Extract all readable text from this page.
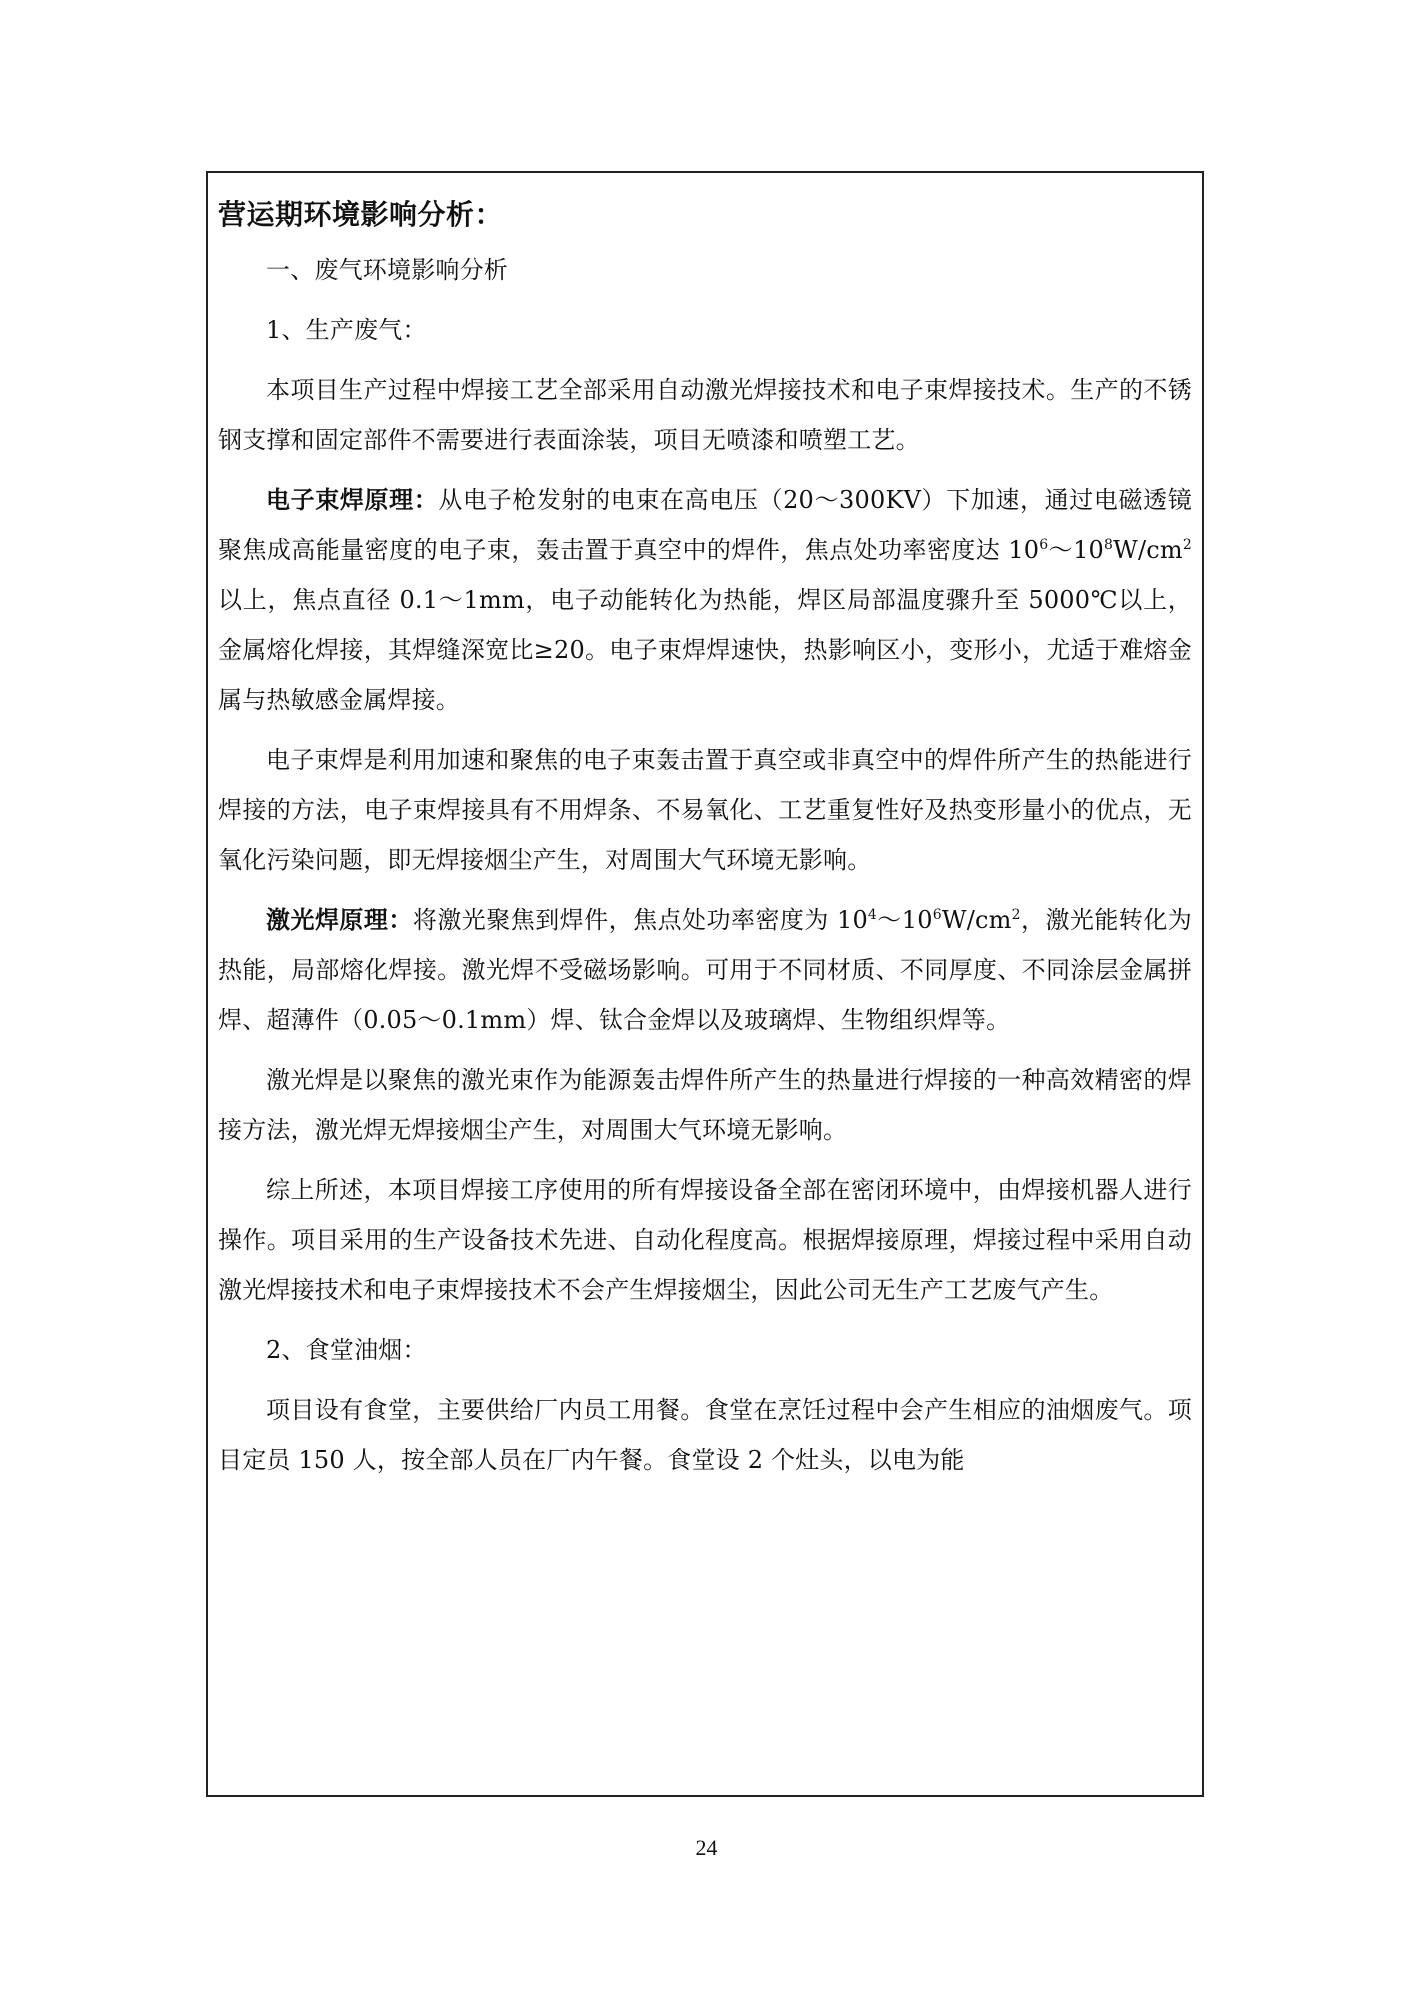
营运期环境影响分析：

一、废气环境影响分析

1、生产废气：

本项目生产过程中焊接工艺全部采用自动激光焊接技术和电子束焊接技术。生产的不锈钢支撑和固定部件不需要进行表面涂装，项目无喷漆和喷塑工艺。

电子束焊原理：从电子枪发射的电束在高电压（20～300KV）下加速，通过电磁透镜聚焦成高能量密度的电子束，轰击置于真空中的焊件，焦点处功率密度达 $10^6\sim 10^8W/cm^2$ 以上，焦点直径 0.1～1mm，电子动能转化为热能，焊区局部温度骤升至 5000℃以上，金属熔化焊接，其焊缝深宽比≥20。电子束焊焊速快，热影响区小，变形小，尤适于难熔金属与热敏感金属焊接。

电子束焊是利用加速和聚焦的电子束轰击置于真空或非真空中的焊件所产生的热能进行焊接的方法，电子束焊接具有不用焊条、不易氧化、工艺重复性好及热变形量小的优点，无氧化污染问题，即无焊接烟尘产生，对周围大气环境无影响。

激光焊原理：将激光聚焦到焊件，焦点处功率密度为 $10^4\sim 10^6W/cm^2$，激光能转化为热能，局部熔化焊接。激光焊不受磁场影响。可用于不同材质、不同厚度、不同涂层金属拼焊、超薄件（0.05～0.1mm）焊、钛合金焊以及玻璃焊、生物组织焊等。

激光焊是以聚焦的激光束作为能源轰击焊件所产生的热量进行焊接的一种高效精密的焊接方法，激光焊无焊接烟尘产生，对周围大气环境无影响。

综上所述，本项目焊接工序使用的所有焊接设备全部在密闭环境中，由焊接机器人进行操作。项目采用的生产设备技术先进、自动化程度高。根据焊接原理，焊接过程中采用自动激光焊接技术和电子束焊接技术不会产生焊接烟尘，因此公司无生产工艺废气产生。

2、食堂油烟：

项目设有食堂，主要供给厂内员工用餐。食堂在烹饪过程中会产生相应的油烟废气。项目定员 150 人，按全部人员在厂内午餐。食堂设 2 个灶头，以电为能

24
